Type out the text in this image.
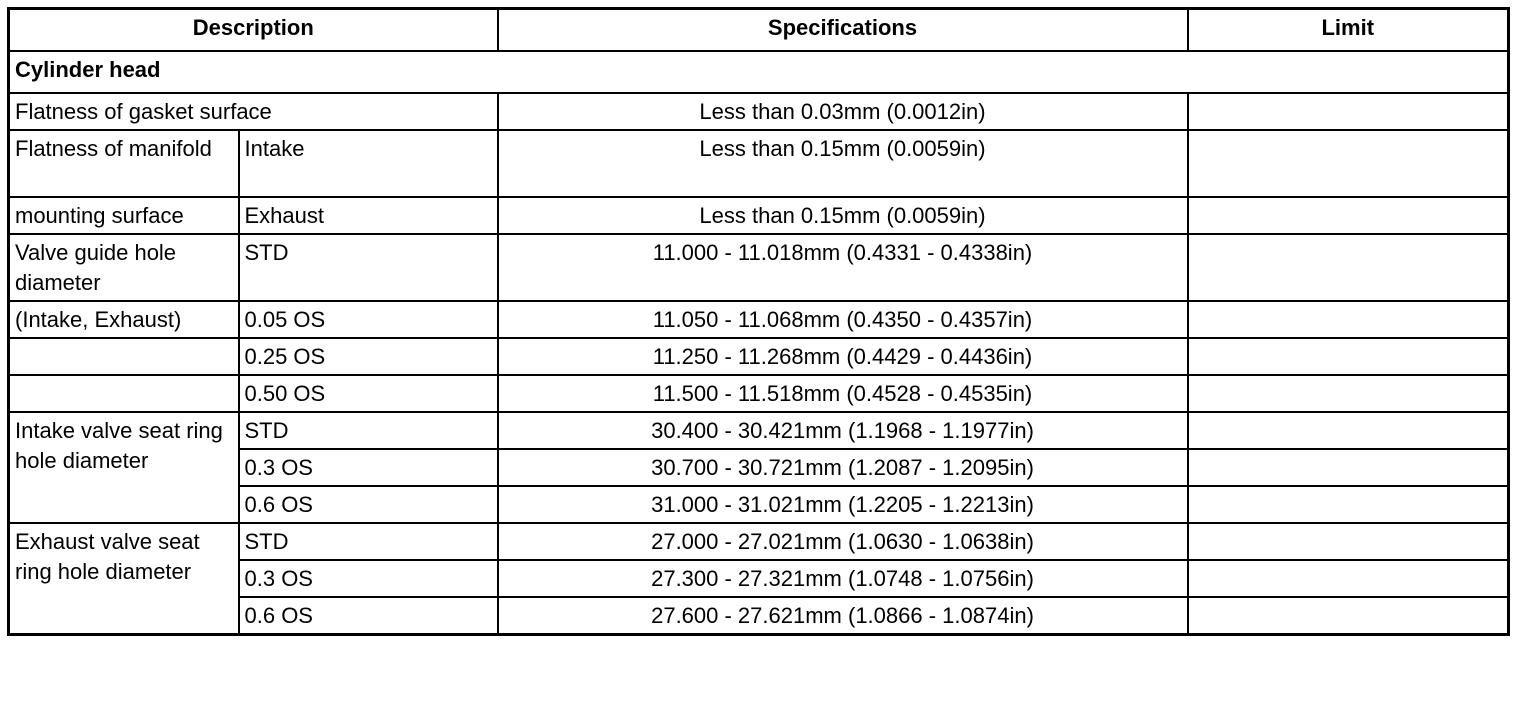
Description		Specifications	Limit
Cylinder head			
Flatness of gasket surface		Less than 0.03mm (0.0012in)	
Flatness of manifold	Intake	Less than 0.15mm (0.0059in)	
mounting surface	Exhaust	Less than 0.15mm (0.0059in)	
Valve guide hole diameter	STD	11.000 - 11.018mm (0.4331 - 0.4338in)	
(Intake, Exhaust)	0.05 OS	11.050 - 11.068mm (0.4350 - 0.4357in)	
	0.25 OS	11.250 - 11.268mm (0.4429 - 0.4436in)	
	0.50 OS	11.500 - 11.518mm (0.4528 - 0.4535in)	
Intake valve seat ring hole diameter	STD	30.400 - 30.421mm (1.1968 - 1.1977in)	
	0.3 OS	30.700 - 30.721mm (1.2087 - 1.2095in)	
	0.6 OS	31.000 - 31.021mm (1.2205 - 1.2213in)	
Exhaust valve seat ring hole diameter	STD	27.000 - 27.021mm (1.0630 - 1.0638in)	
	0.3 OS	27.300 - 27.321mm (1.0748 - 1.0756in)	
	0.6 OS	27.600 - 27.621mm (1.0866 - 1.0874in)	
